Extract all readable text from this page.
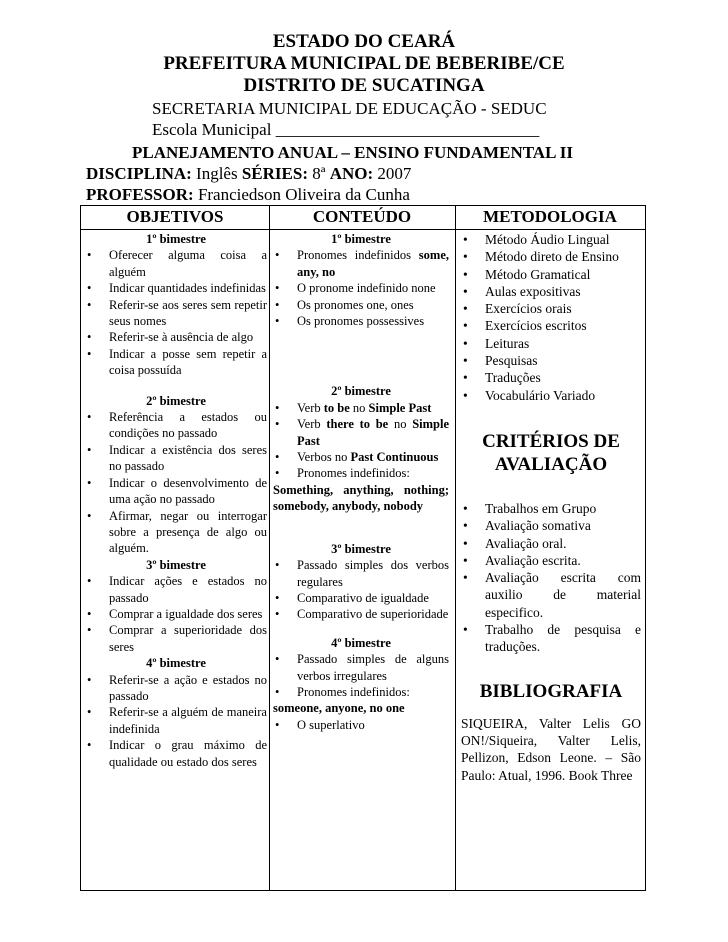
ESTADO DO CEARÁ
PREFEITURA MUNICIPAL DE BEBERIBE/CE
DISTRITO DE SUCATINGA
SECRETARIA MUNICIPAL DE EDUCAÇÃO - SEDUC
Escola Municipal _______________________________
PLANEJAMENTO ANUAL – ENSINO FUNDAMENTAL II
DISCIPLINA: Inglês SÉRIES: 8ª ANO: 2007
PROFESSOR: Franciedson Oliveira da Cunha
OBJETIVOS	CONTEÚDO	METODOLOGIA
1º bimestre
• Oferecer alguma coisa a alguém
• Indicar quantidades indefinidas
• Referir-se aos seres sem repetir seus nomes
• Referir-se à ausência de algo
• Indicar a posse sem repetir a coisa possuída
2º bimestre
• Referência a estados ou condições no passado
• Indicar a existência dos seres no passado
• Indicar o desenvolvimento de uma ação no passado
• Afirmar, negar ou interrogar sobre a presença de algo ou alguém.
3º bimestre
• Indicar ações e estados no passado
• Comprar a igualdade dos seres
• Comprar a superioridade dos seres
4º bimestre
• Referir-se a ação e estados no passado
• Referir-se a alguém de maneira indefinida
• Indicar o grau máximo de qualidade ou estado dos seres
1º bimestre
• Pronomes indefinidos some, any, no
• O pronome indefinido none
• Os pronomes one, ones
• Os pronomes possessives
2º bimestre
• Verb to be no Simple Past
• Verb there to be no Simple Past
• Verbos no Past Continuous
• Pronomes indefinidos:
Something, anything, nothing; somebody, anybody, nobody
3º bimestre
• Passado simples dos verbos regulares
• Comparativo de igualdade
• Comparativo de superioridade
4º bimestre
• Passado simples de alguns verbos irregulares
• Pronomes indefinidos:
someone, anyone, no one
• O superlativo
• Método Áudio Lingual
• Método direto de Ensino
• Método Gramatical
• Aulas expositivas
• Exercícios orais
• Exercícios escritos
• Leituras
• Pesquisas
• Traduções
• Vocabulário Variado
CRITÉRIOS DE AVALIAÇÃO
• Trabalhos em Grupo
• Avaliação somativa
• Avaliação oral.
• Avaliação escrita.
• Avaliação escrita com auxilio de material especifico.
• Trabalho de pesquisa e traduções.
BIBLIOGRAFIA
SIQUEIRA, Valter Lelis GO ON!/Siqueira, Valter Lelis, Pellizon, Edson Leone. – São Paulo: Atual, 1996. Book Three
